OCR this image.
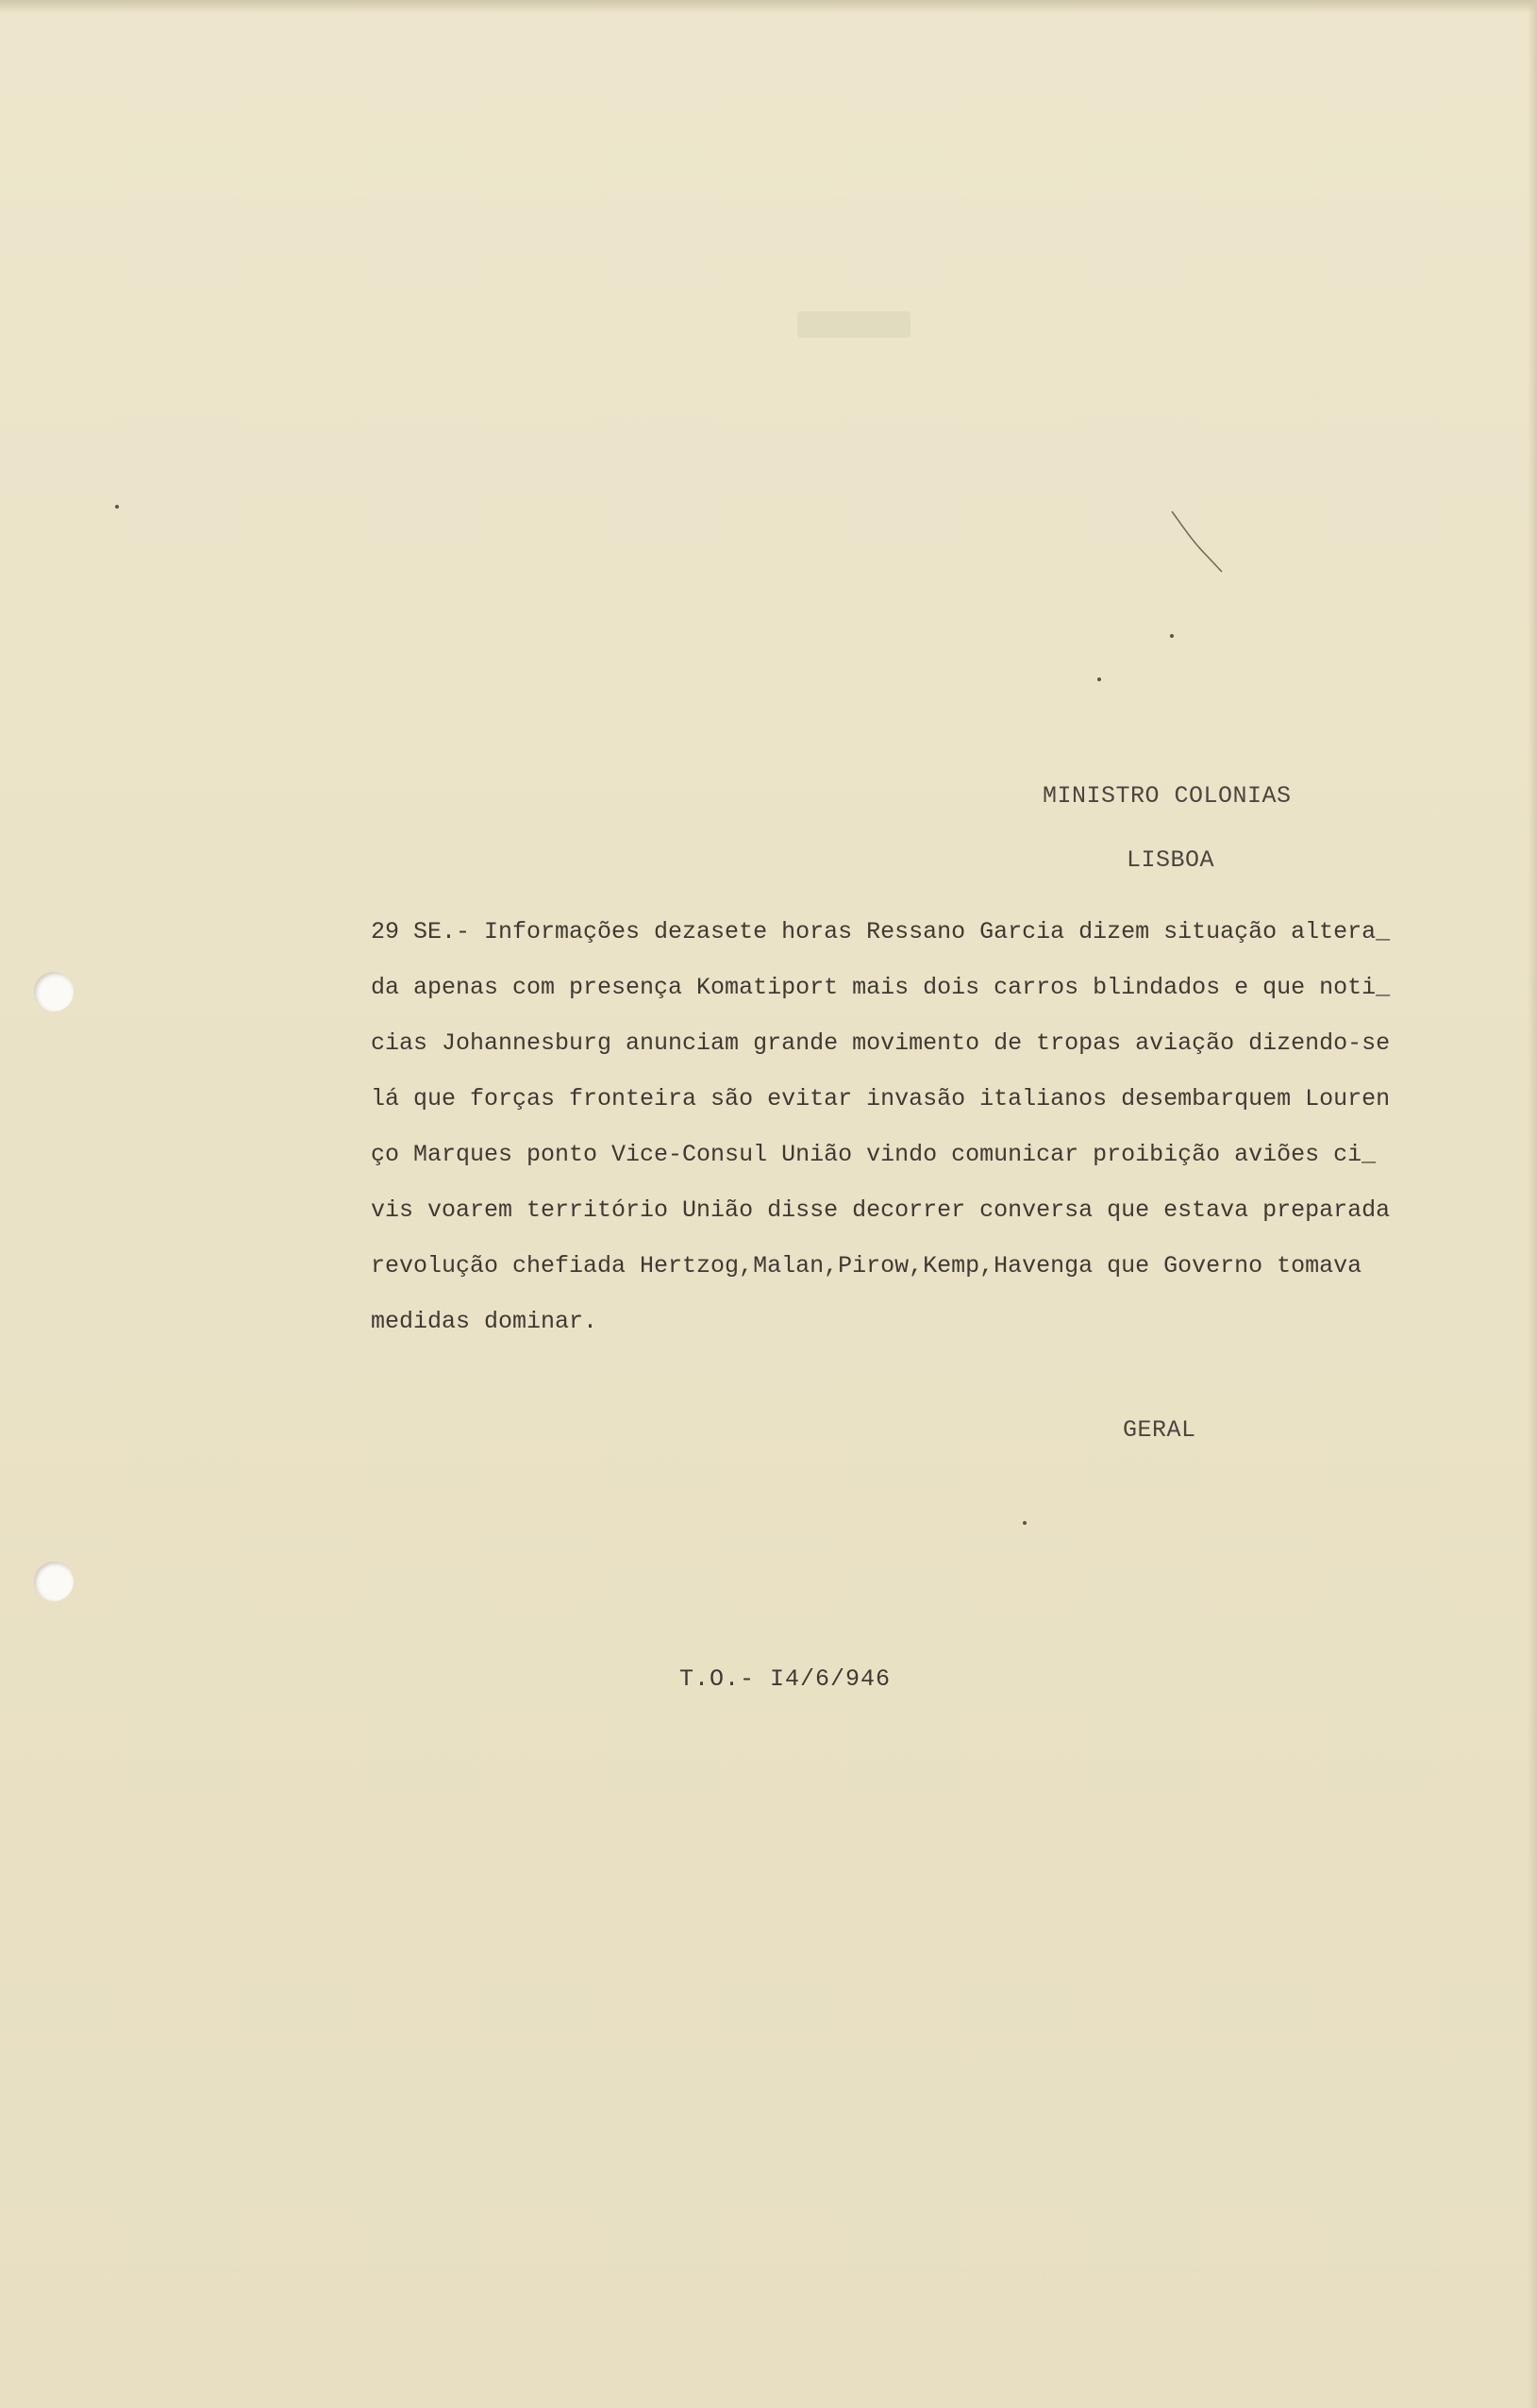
MINISTRO COLONIAS
LISBOA
29 SE.- Informações dezasete horas Ressano Garcia dizem situação altera_
da apenas com presença Komatiport mais dois carros blindados e que noti_
cias Johannesburg anunciam grande movimento de tropas aviação dizendo-se
lá que forças fronteira são evitar invasão italianos desembarquem Louren
ço Marques ponto Vice-Consul União vindo comunicar proibição aviões ci_
vis voarem território União disse decorrer conversa que estava preparada
revolução chefiada Hertzog,Malan,Pirow,Kemp,Havenga que Governo tomava
medidas dominar.
GERAL
T.O.- I4/6/946
